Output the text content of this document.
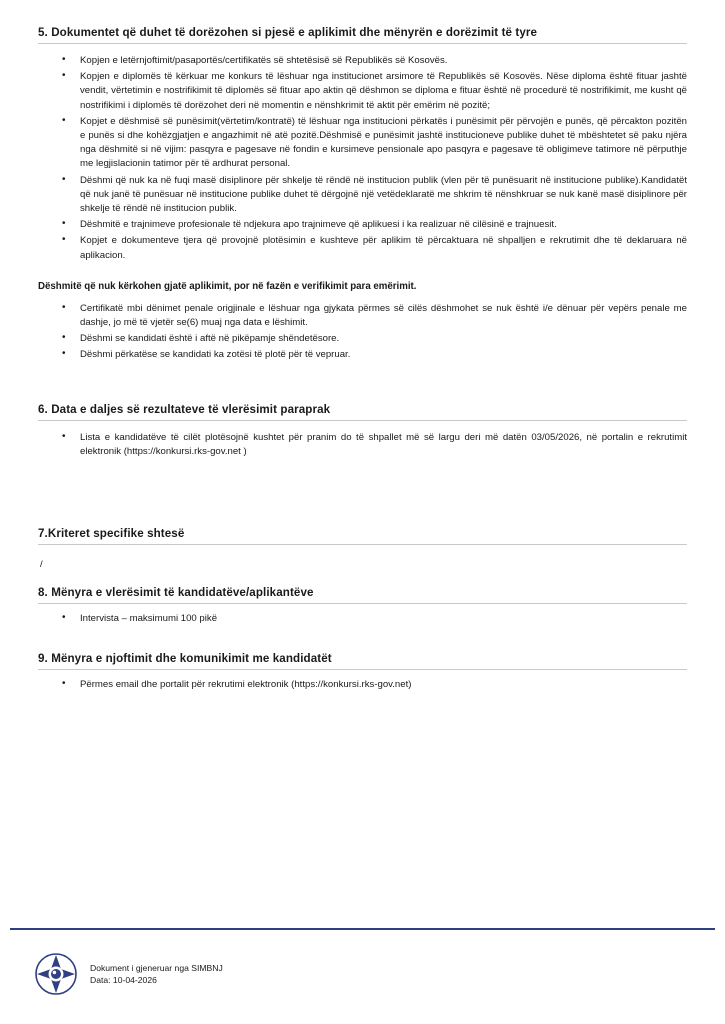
5. Dokumentet që duhet të dorëzohen si pjesë e aplikimit dhe mënyrën e dorëzimit të tyre
• Kopjen e letërnjoftimit/pasaportës/certifikatës së shtetësisë së Republikës së Kosovës.
• Kopjen e diplomës të kërkuar me konkurs të lëshuar nga institucionet arsimore të Republikës së Kosovës. Nëse diploma është fituar jashtë vendit, vërtetimin e nostrifikimit të diplomës së fituar apo aktin që dëshmon se diploma e fituar është në procedurë të nostrifikimit, me kusht që nostrifikimi i diplomës të dorëzohet deri në momentin e nënshkrimit të aktit për emërim në pozitë;
• Kopjet e dëshmisë së punësimit(vërtetim/kontratë) të lëshuar nga institucioni përkatës i punësimit për përvojën e punës, që përcakton pozitën e punës si dhe kohëzgjatjen e angazhimit në atë pozitë.Dëshmisë e punësimit jashtë institucioneve publike duhet të mbështetet së paku njëra nga dëshmitë si në vijim: pasqyra e pagesave në fondin e kursimeve pensionale apo pasqyra e pagesave të obligimeve tatimore në përputhje me legjislacionin tatimor për të ardhurat personal.
• Dëshmi që nuk ka në fuqi masë disiplinore për shkelje të rëndë në institucion publik (vlen për të punësuarit në institucione publike).Kandidatët që nuk janë të punësuar në institucione publike duhet të dërgojnë një vetëdeklaratë me shkrim të nënshkruar se nuk kanë masë disiplinore për shkelje të rëndë në institucion publik.
• Dëshmitë e trajnimeve profesionale të ndjekura apo trajnimeve që aplikuesi i ka realizuar në cilësinë e trajnuesit.
• Kopjet e dokumenteve tjera që provojnë plotësimin e kushteve për aplikim të përcaktuara në shpalljen e rekrutimit dhe të deklaruara në aplikacion.
Dëshmitë që nuk kërkohen gjatë aplikimit, por në fazën e verifikimit para emërimit.
• Certifikatë mbi dënimet penale origjinale e lëshuar nga gjykata përmes së cilës dëshmohet se nuk është i/e dënuar për vepërs penale me dashje, jo më të vjetër se(6) muaj nga data e lëshimit.
• Dëshmi se kandidati është i aftë në pikëpamje shëndetësore.
• Dëshmi përkatëse se kandidati ka zotësi të plotë për të vepruar.
6. Data e daljes së rezultateve të vlerësimit paraprak
• Lista e kandidatëve të cilët plotësojnë kushtet për pranim do të shpallet më së largu deri më datën 03/05/2026, në portalin e rekrutimit elektronik (https://konkursi.rks-gov.net )
7.Kriteret specifike shtesë
/
8. Mënyra e vlerësimit të kandidatëve/aplikantëve
• Intervista – maksimumi 100 pikë
9. Mënyra e njoftimit dhe komunikimit me kandidatët
• Përmes email dhe portalit për rekrutimi elektronik (https://konkursi.rks-gov.net)
Dokument i gjeneruar nga SIMBNJ
Data: 10-04-2026
